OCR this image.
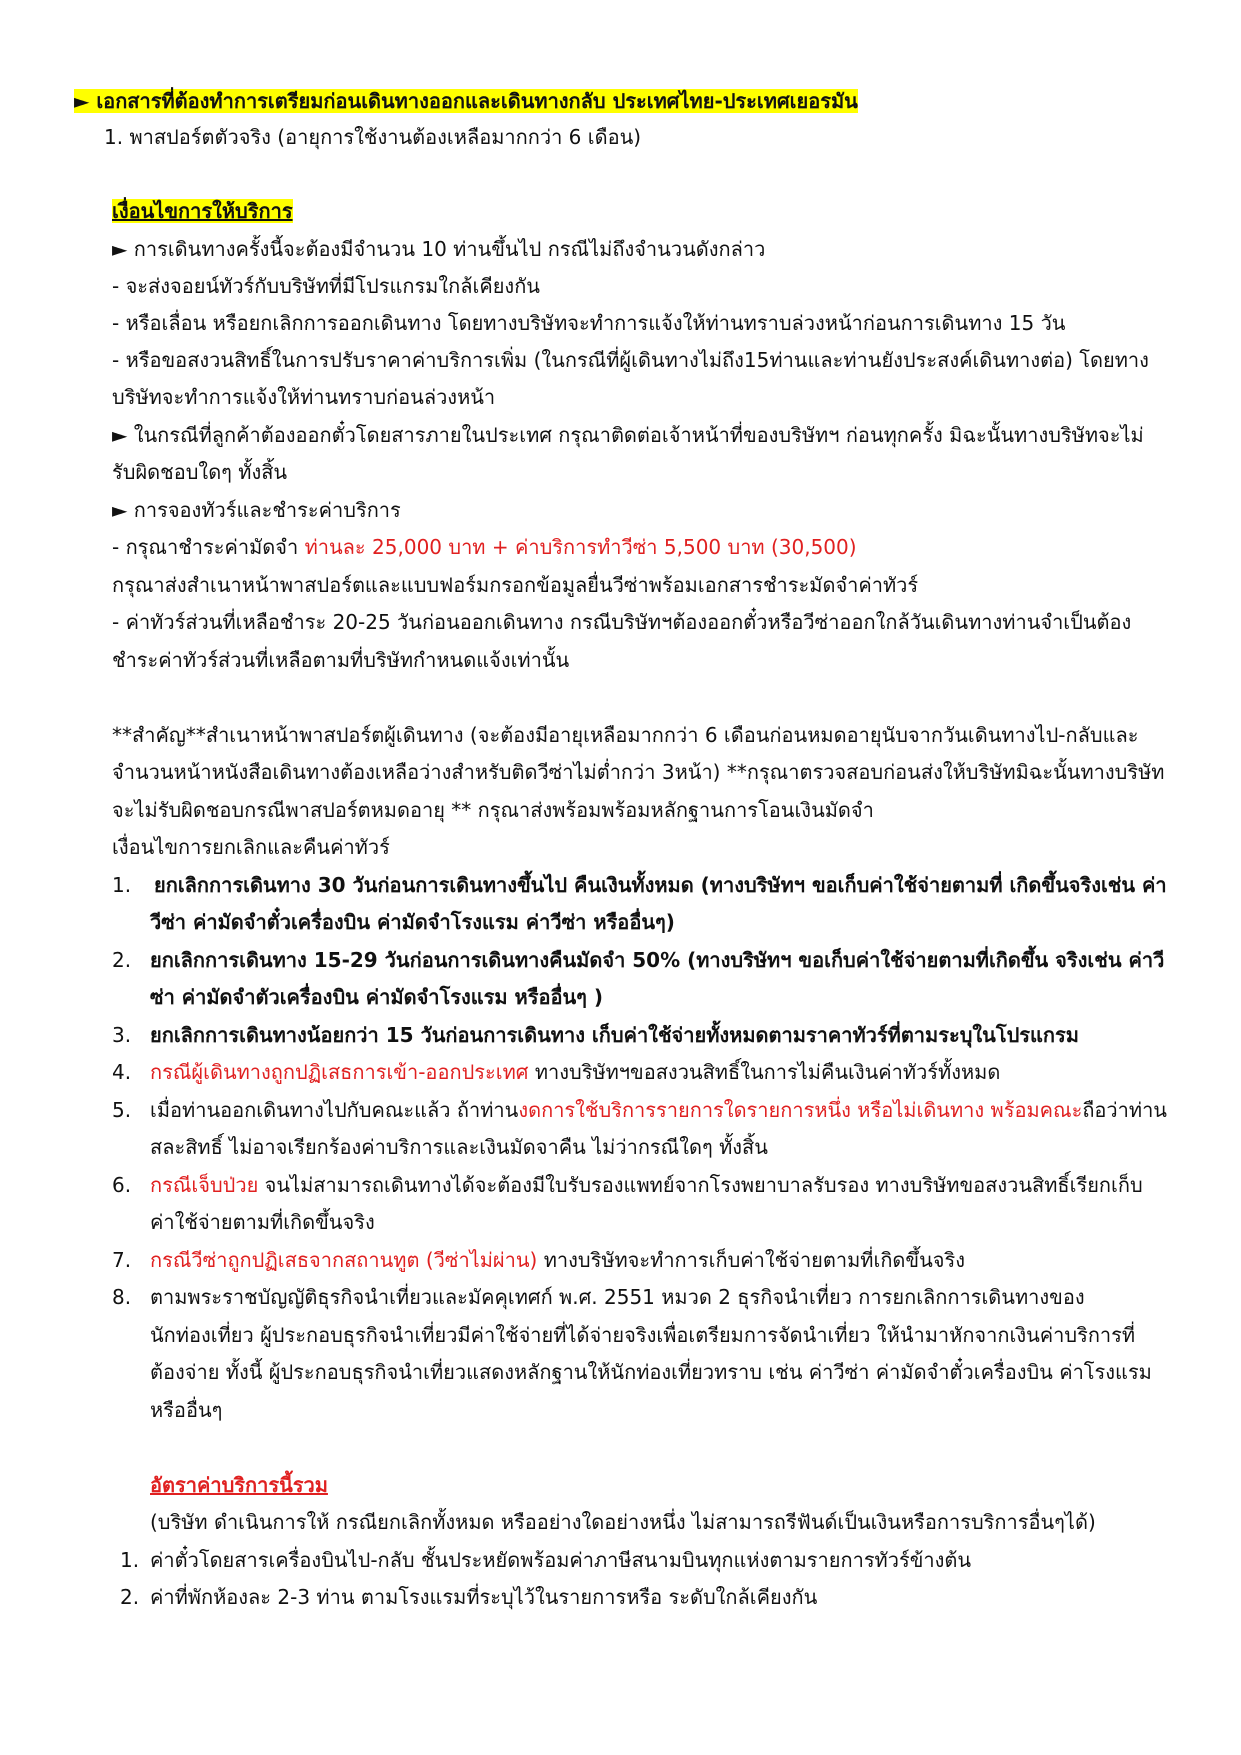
► เอกสารที่ต้องทำการเตรียมก่อนเดินทางออกและเดินทางกลับ ประเทศไทย-ประเทศเยอรมัน
1. พาสปอร์ตตัวจริง (อายุการใช้งานต้องเหลือมากกว่า 6 เดือน)
เงื่อนไขการให้บริการ
► การเดินทางครั้งนี้จะต้องมีจำนวน 10 ท่านขึ้นไป กรณีไม่ถึงจำนวนดังกล่าว
- จะส่งจอยน์ทัวร์กับบริษัทที่มีโปรแกรมใกล้เคียงกัน
- หรือเลื่อน หรือยกเลิกการออกเดินทาง โดยทางบริษัทจะทำการแจ้งให้ท่านทราบล่วงหน้าก่อนการเดินทาง 15 วัน
- หรือขอสงวนสิทธิ์ในการปรับราคาค่าบริการเพิ่ม (ในกรณีที่ผู้เดินทางไม่ถึง15ท่านและท่านยังประสงค์เดินทางต่อ) โดยทาง
บริษัทจะทำการแจ้งให้ท่านทราบก่อนล่วงหน้า
► ในกรณีที่ลูกค้าต้องออกตั๋วโดยสารภายในประเทศ กรุณาติดต่อเจ้าหน้าที่ของบริษัทฯ ก่อนทุกครั้ง มิฉะนั้นทางบริษัทจะไม่
รับผิดชอบใดๆ ทั้งสิ้น
► การจองทัวร์และชำระค่าบริการ
- กรุณาชำระค่ามัดจำ ท่านละ 25,000 บาท + ค่าบริการทำวีซ่า 5,500 บาท (30,500)
กรุณาส่งสำเนาหน้าพาสปอร์ตและแบบฟอร์มกรอกข้อมูลยื่นวีซ่าพร้อมเอกสารชำระมัดจำค่าทัวร์
- ค่าทัวร์ส่วนที่เหลือชำระ 20-25 วันก่อนออกเดินทาง กรณีบริษัทฯต้องออกตั๋วหรือวีซ่าออกใกล้วันเดินทางท่านจำเป็นต้อง
ชำระค่าทัวร์ส่วนที่เหลือตามที่บริษัทกำหนดแจ้งเท่านั้น
**สำคัญ**สำเนาหน้าพาสปอร์ตผู้เดินทาง (จะต้องมีอายุเหลือมากกว่า 6 เดือนก่อนหมดอายุนับจากวันเดินทางไป-กลับและ
จำนวนหน้าหนังสือเดินทางต้องเหลือว่างสำหรับติดวีซ่าไม่ต่ำกว่า 3หน้า) **กรุณาตรวจสอบก่อนส่งให้บริษัทมิฉะนั้นทางบริษัท
จะไม่รับผิดชอบกรณีพาสปอร์ตหมดอายุ ** กรุณาส่งพร้อมพร้อมหลักฐานการโอนเงินมัดจำ
เงื่อนไขการยกเลิกและคืนค่าทัวร์
1. ยกเลิกการเดินทาง 30 วันก่อนการเดินทางขึ้นไป คืนเงินทั้งหมด (ทางบริษัทฯ ขอเก็บค่าใช้จ่ายตามที่ เกิดขึ้นจริงเช่น ค่า
วีซ่า ค่ามัดจำตั๋วเครื่องบิน ค่ามัดจำโรงแรม ค่าวีซ่า หรืออื่นๆ)
2. ยกเลิกการเดินทาง 15-29 วันก่อนการเดินทางคืนมัดจำ 50% (ทางบริษัทฯ ขอเก็บค่าใช้จ่ายตามที่เกิดขึ้น จริงเช่น ค่าวี
ซ่า ค่ามัดจำตัวเครื่องบิน ค่ามัดจำโรงแรม หรืออื่นๆ )
3. ยกเลิกการเดินทางน้อยกว่า 15 วันก่อนการเดินทาง เก็บค่าใช้จ่ายทั้งหมดตามราคาทัวร์ที่ตามระบุในโปรแกรม
4. กรณีผู้เดินทางถูกปฏิเสธการเข้า-ออกประเทศ ทางบริษัทฯขอสงวนสิทธิ์ในการไม่คืนเงินค่าทัวร์ทั้งหมด
5. เมื่อท่านออกเดินทางไปกับคณะแล้ว ถ้าท่านงดการใช้บริการรายการใดรายการหนึ่ง หรือไม่เดินทาง พร้อมคณะถือว่าท่าน
สละสิทธิ์ ไม่อาจเรียกร้องค่าบริการและเงินมัดจาคืน ไม่ว่ากรณีใดๆ ทั้งสิ้น
6. กรณีเจ็บป่วย จนไม่สามารถเดินทางได้จะต้องมีใบรับรองแพทย์จากโรงพยาบาลรับรอง ทางบริษัทขอสงวนสิทธิ์เรียกเก็บ
ค่าใช้จ่ายตามที่เกิดขึ้นจริง
7. กรณีวีซ่าถูกปฏิเสธจากสถานทูต (วีซ่าไม่ผ่าน) ทางบริษัทจะทำการเก็บค่าใช้จ่ายตามที่เกิดขึ้นจริง
8. ตามพระราชบัญญัติธุรกิจนำเที่ยวและมัคคุเทศก์ พ.ศ. 2551 หมวด 2 ธุรกิจนำเที่ยว การยกเลิกการเดินทางของ
นักท่องเที่ยว ผู้ประกอบธุรกิจนำเที่ยวมีค่าใช้จ่ายที่ได้จ่ายจริงเพื่อเตรียมการจัดนำเที่ยว ให้นำมาหักจากเงินค่าบริการที่
ต้องจ่าย ทั้งนี้ ผู้ประกอบธุรกิจนำเที่ยวแสดงหลักฐานให้นักท่องเที่ยวทราบ เช่น ค่าวีซ่า ค่ามัดจำตั๋วเครื่องบิน ค่าโรงแรม
หรืออื่นๆ
อัตราค่าบริการนี้รวม
(บริษัท ดำเนินการให้ กรณียกเลิกทั้งหมด หรืออย่างใดอย่างหนึ่ง ไม่สามารถรีฟันด์เป็นเงินหรือการบริการอื่นๆได้)
1. ค่าตั๋วโดยสารเครื่องบินไป-กลับ ชั้นประหยัดพร้อมค่าภาษีสนามบินทุกแห่งตามรายการทัวร์ข้างต้น
2. ค่าที่พักห้องละ 2-3 ท่าน ตามโรงแรมที่ระบุไว้ในรายการหรือ ระดับใกล้เคียงกัน
